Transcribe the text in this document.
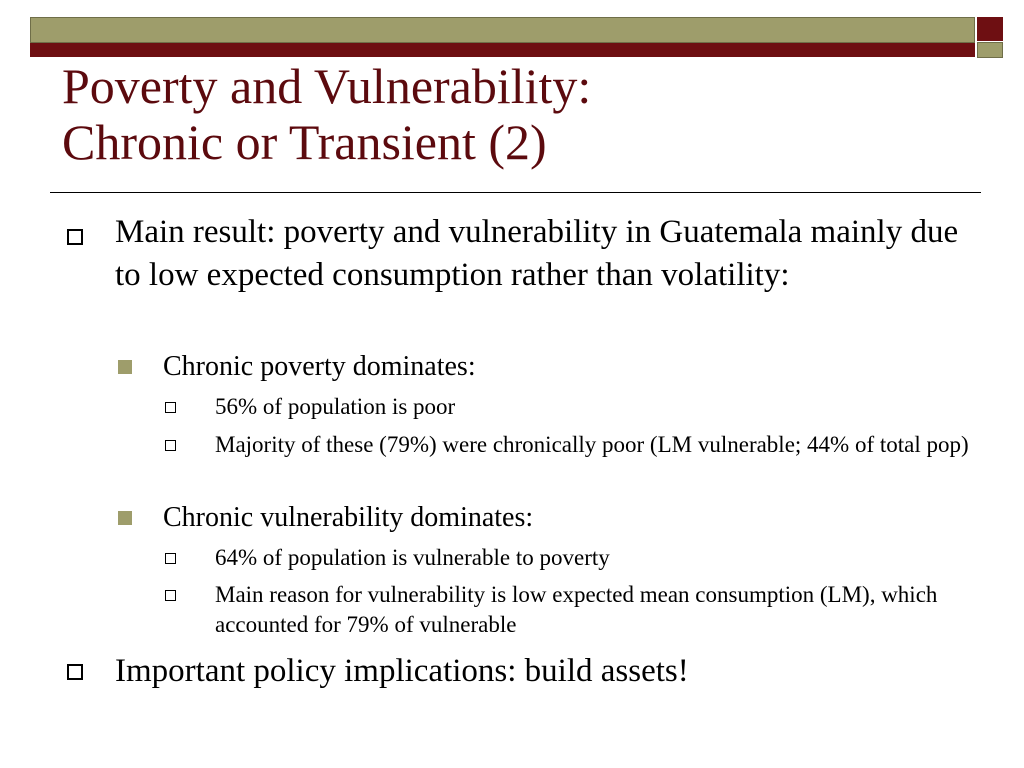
Poverty and Vulnerability:
Chronic or Transient (2)

Main result: poverty and vulnerability in Guatemala mainly due to low expected consumption rather than volatility:

Chronic poverty dominates:

56% of population is poor

Majority of these (79%) were chronically poor (LM vulnerable; 44% of total pop)

Chronic vulnerability dominates:

64% of population is vulnerable to poverty

Main reason for vulnerability is low expected mean consumption (LM), which accounted for 79% of vulnerable

Important policy implications: build assets!
